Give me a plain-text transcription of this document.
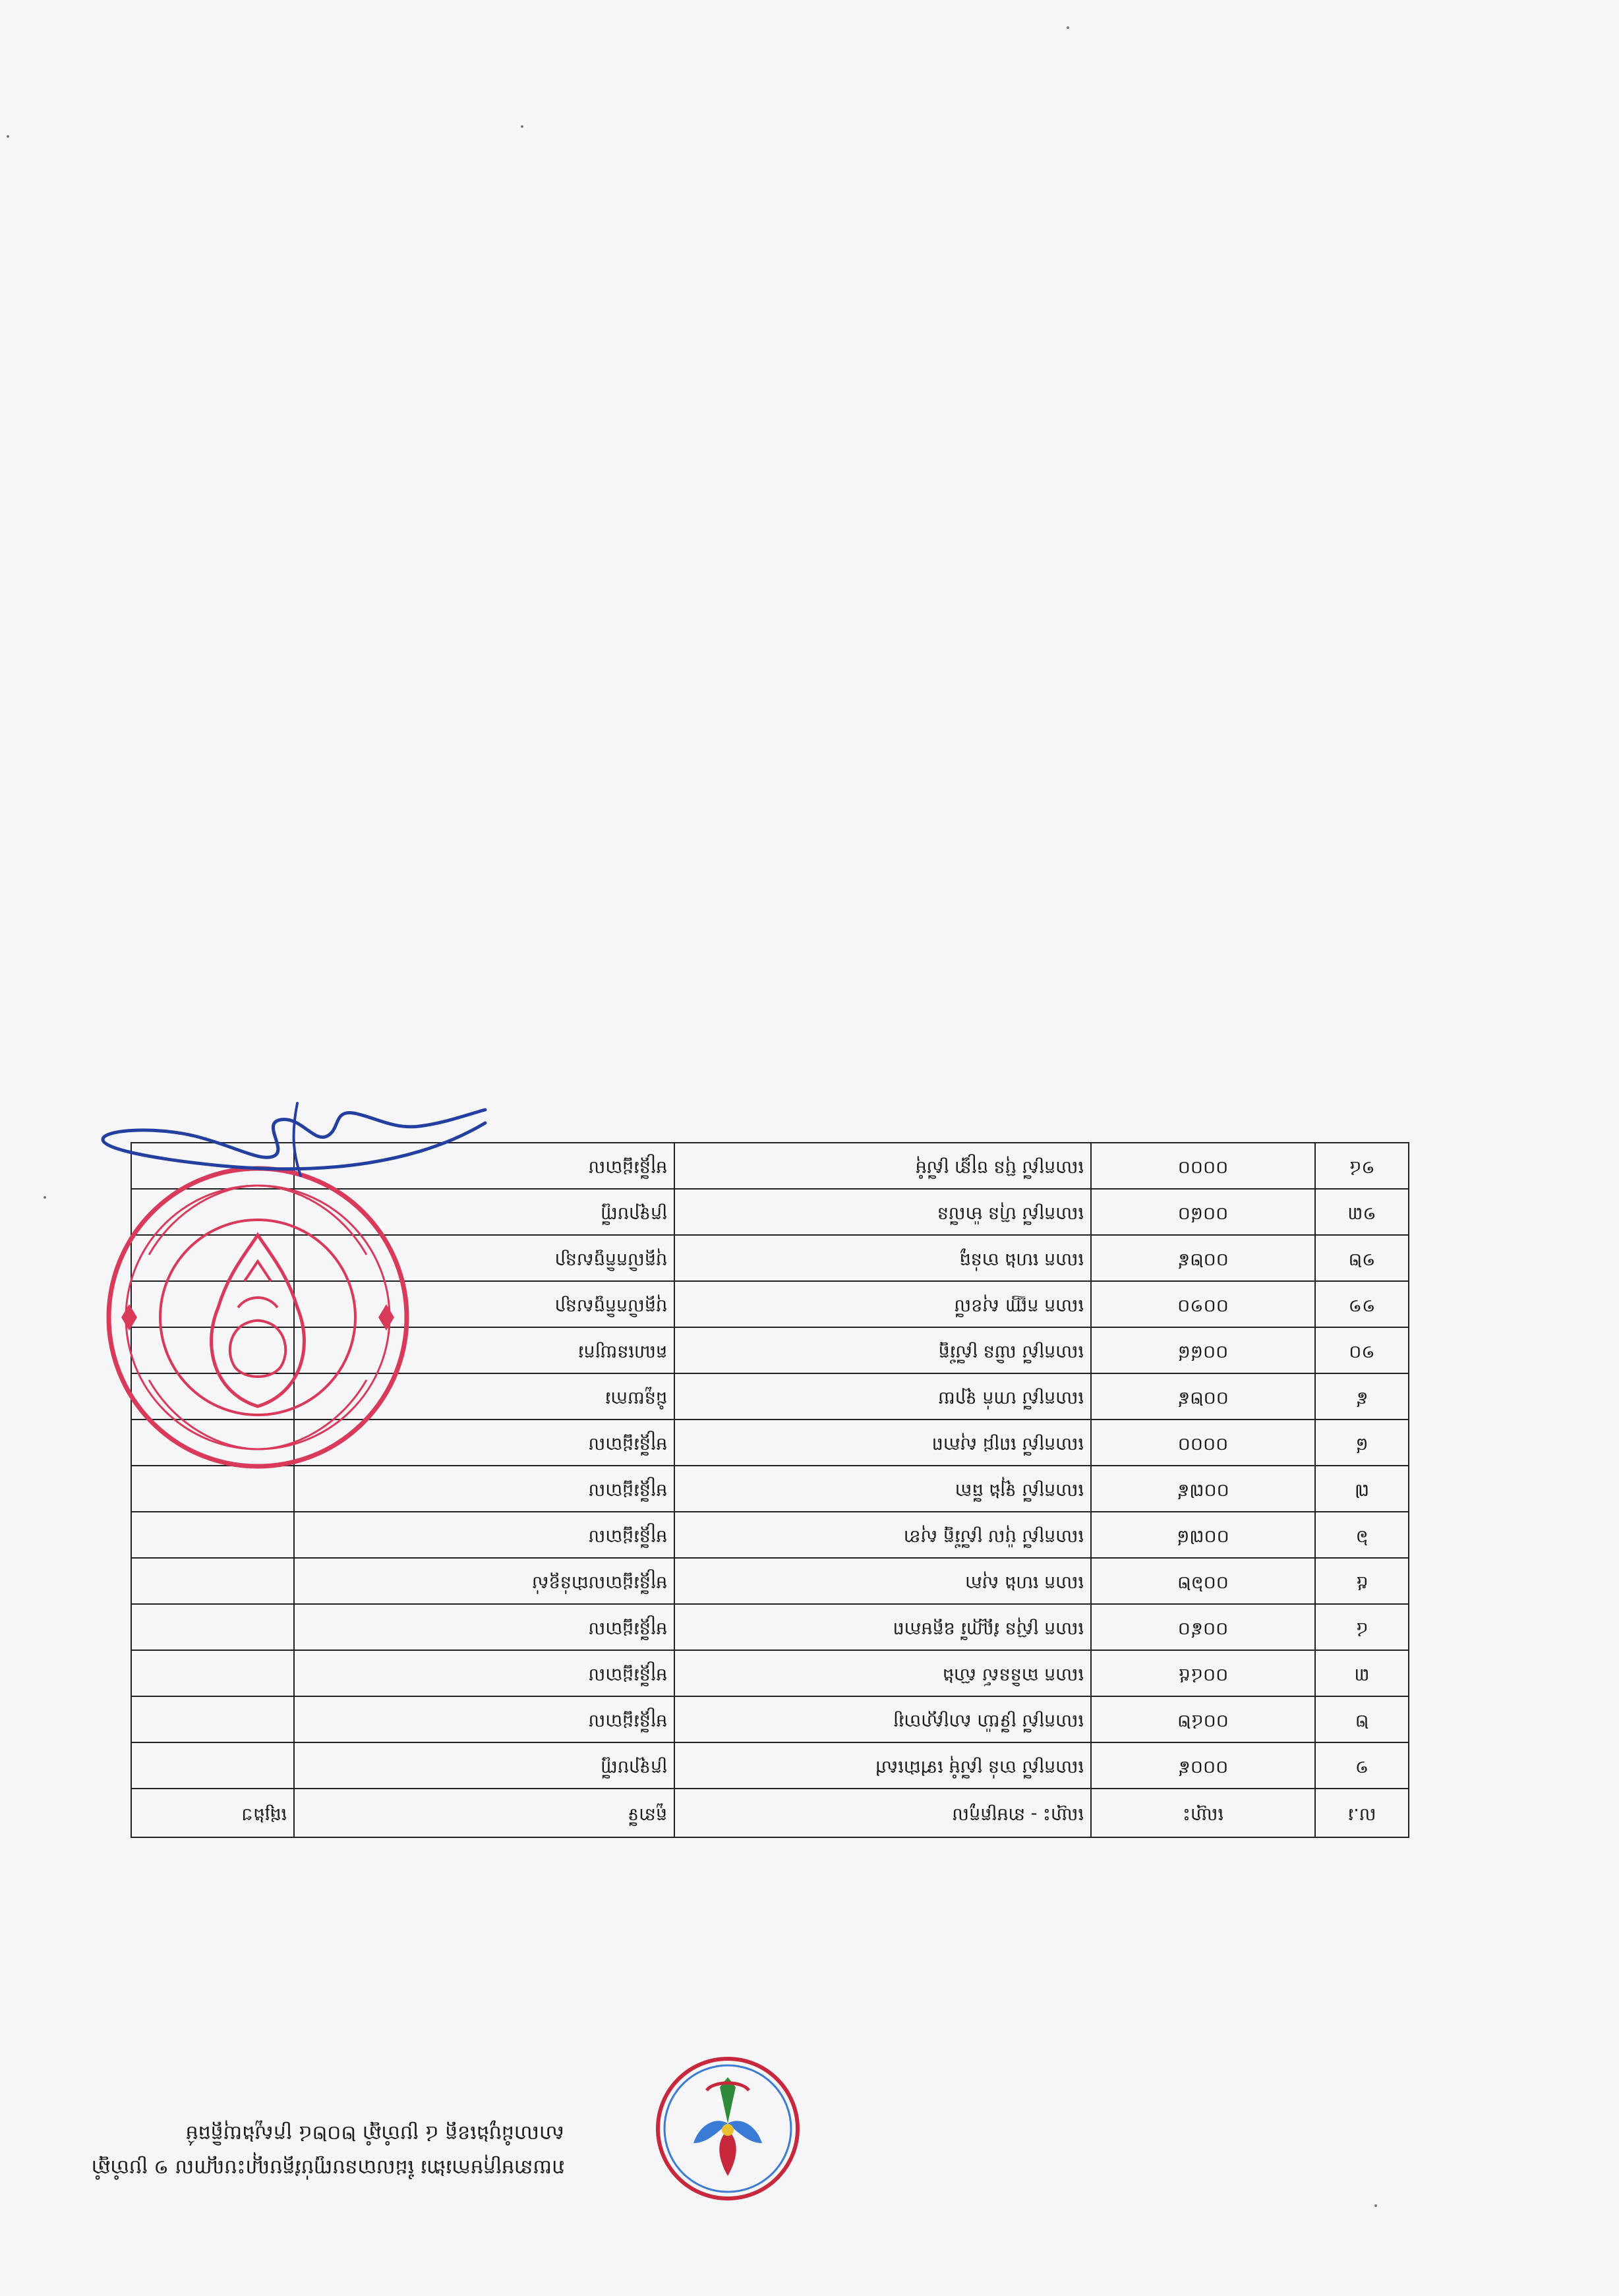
រាយនាមក្រុមការងារ ដែលបានបញ្ចប់វគ្គបណ្តុះបណ្តាល ១ ប្រចាំឆ្នាំ
សាលាដំបូងខេត្ត ៤ ប្រចាំឆ្នាំ ២០២៤ ក្រសួងយុត្តិធម៌
ល.រ	ឈ្មោះ	ឈ្មោះ - នាមត្រកូល	តួនាទី	ផ្សេងៗ
១	០០០៩	លោកស្រី ចាន់ ស្រីមុំ ទៅជាសៅ	ក្រឡាបញ្ជី	
២	០០៤២	លោកស្រី ទ្រីយ៉ា សាស្ត្រាចារ្យ	មន្ត្រីរដ្ឋបាល	
៣	០០៤៥	លោក ធានិនស៍ ស៊ាង	មន្ត្រីរដ្ឋបាល	
៤	០០៩០	លោក ស្រ៊ុន វណ្ណារី ឧត្តមភាព	មន្ត្រីរដ្ឋបាល	
៥	០០៦២	លោក ហេង សុភា	មន្ត្រីរដ្ឋបាលជាន់ខ្ពស់	
៦	០០៧៨	លោកស្រី ប៉ុល ស្រីរ័ត្ន សុខា	មន្ត្រីរដ្ឋបាល	
៧	០០៧៩	លោកស្រី ឡុង ធីតា	មន្ត្រីរដ្ឋបាល	
៨	០០០០	លោកស្រី ពេជ្រ សុភាព	មន្ត្រីរដ្ឋបាល	
៩	០០២៩	លោកស្រី ហាក់ ឡាយ	ជំនួយការ	
១០	០០៨៨	លោកស្រី ឈិន ស្រីរ័ត្ន	គណនេយ្យករ	
១១	០០១០	លោក កញ្ញា សុខលី	បុគ្គលិកកិច្ចសន្យា	
១២	០០២៩	លោក ហេង ចាន់ធូ	បុគ្គលិកកិច្ចសន្យា	
១៣	០០៨០	លោកស្រី ហ៊ុន ម៉ាលីន	ក្រឡាបញ្ជី	
១៤	០០០០	លោកស្រី ប៊ុន ចន្ទ្រា ស្រីមុំ	មន្ត្រីរដ្ឋបាល	
